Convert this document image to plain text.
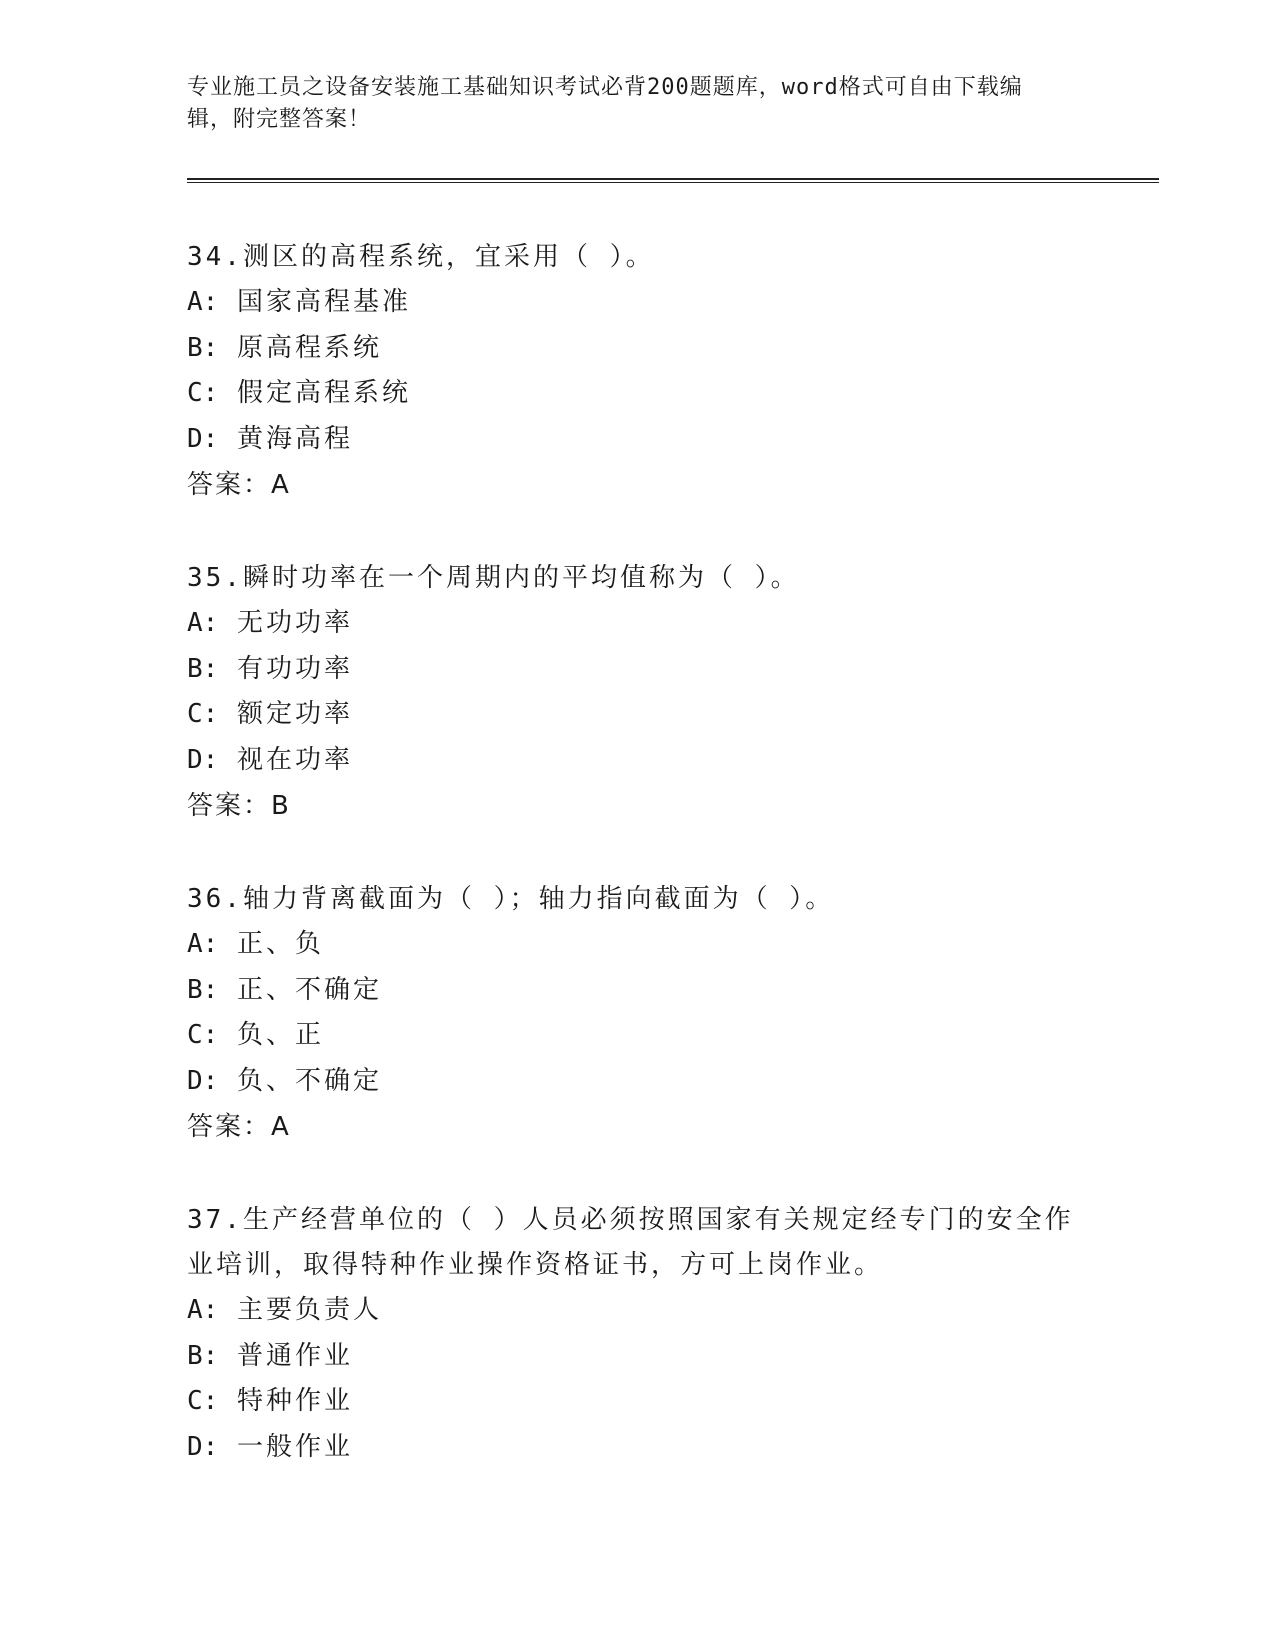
专业施工员之设备安装施工基础知识考试必背200题题库，word格式可自由下载编辑，附完整答案！
34.测区的高程系统，宜采用（ ）。
A: 国家高程基准
B: 原高程系统
C: 假定高程系统
D: 黄海高程
答案：A
35.瞬时功率在一个周期内的平均值称为（ ）。
A: 无功功率
B: 有功功率
C: 额定功率
D: 视在功率
答案：B
36.轴力背离截面为（ ）；轴力指向截面为（ ）。
A: 正、负
B: 正、不确定
C: 负、正
D: 负、不确定
答案：A
37.生产经营单位的（ ）人员必须按照国家有关规定经专门的安全作业培训，取得特种作业操作资格证书，方可上岗作业。
A: 主要负责人
B: 普通作业
C: 特种作业
D: 一般作业
